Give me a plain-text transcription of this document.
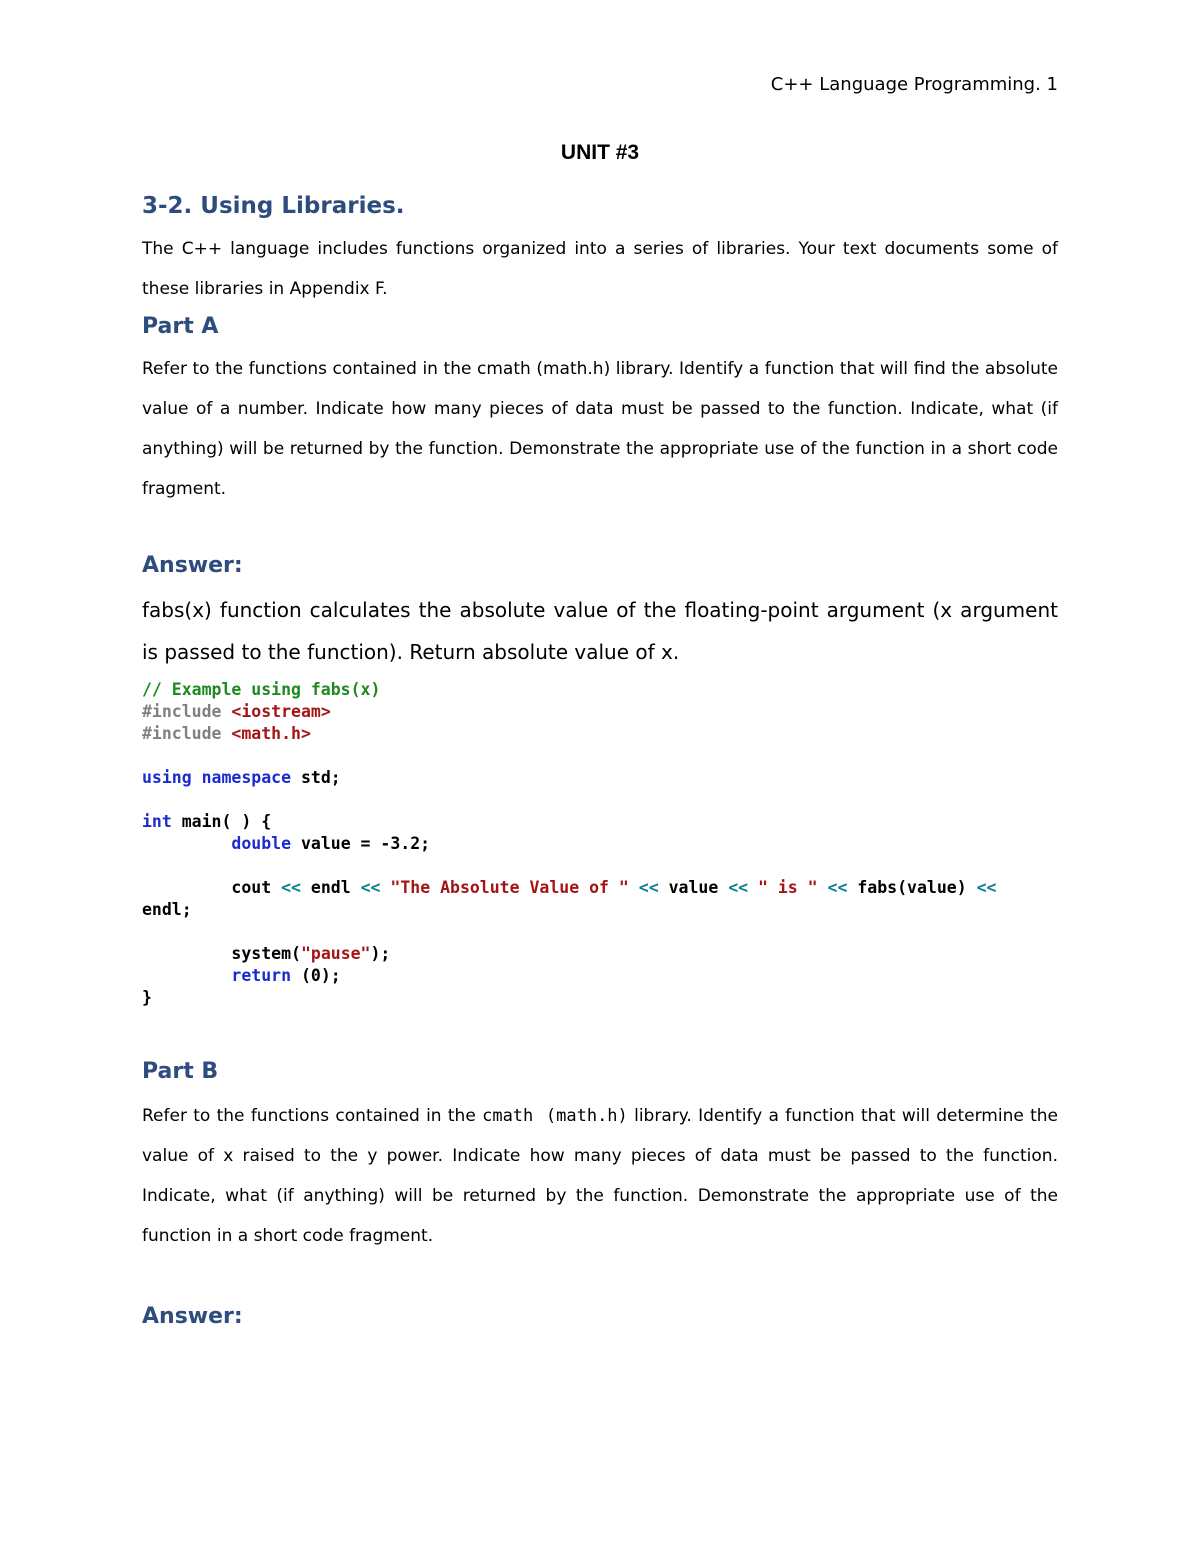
C++ Language Programming. 1
UNIT #3
3-2. Using Libraries.
The C++ language includes functions organized into a series of libraries. Your text documents some of these libraries in Appendix F.
Part A
Refer to the functions contained in the cmath (math.h) library. Identify a function that will find the absolute value of a number. Indicate how many pieces of data must be passed to the function. Indicate, what (if anything) will be returned by the function. Demonstrate the appropriate use of the function in a short code fragment.
Answer:
fabs(x) function calculates the absolute value of the floating-point argument (x argument is passed to the function). Return absolute value of x.
// Example using fabs(x)
#include <iostream>
#include <math.h>

using namespace std;

int main( ) {
double value = -3.2;

cout << endl << "The Absolute Value of " << value << " is " << fabs(value) <<
endl;

system("pause");
return (0);
}
Part B
Refer to the functions contained in the cmath (math.h) library. Identify a function that will determine the value of x raised to the y power. Indicate how many pieces of data must be passed to the function. Indicate, what (if anything) will be returned by the function. Demonstrate the appropriate use of the function in a short code fragment.
Answer:
